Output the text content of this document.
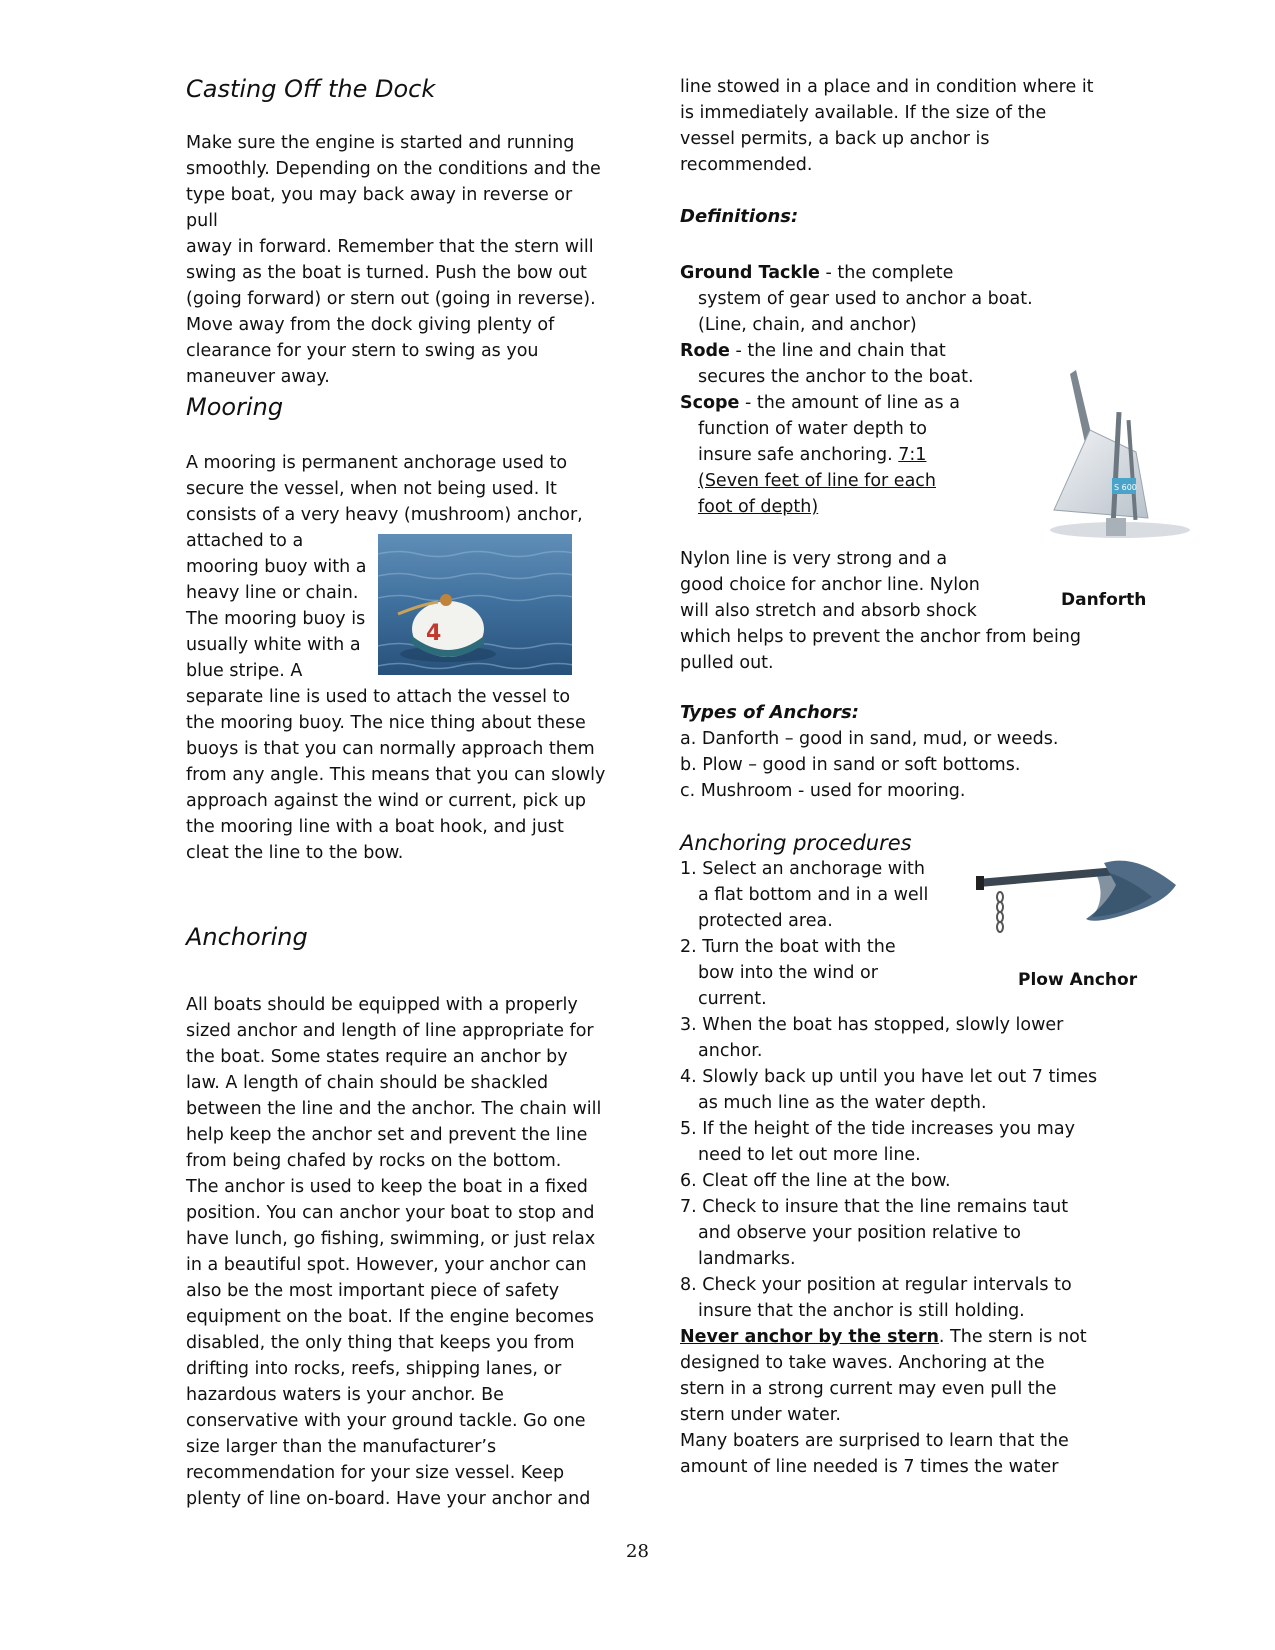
Casting Off the Dock

Make sure the engine is started and running

smoothly. Depending on the conditions and the

type boat, you may back away in reverse or pull

away in forward. Remember that the stern will

swing as the boat is turned. Push the bow out

(going forward) or stern out (going in reverse).

Move away from the dock giving plenty of

clearance for your stern to swing as you

maneuver away.

Mooring

A mooring is permanent anchorage used to

secure the vessel, when not being used. It

consists of a very heavy (mushroom) anchor,

attached to a

mooring buoy with a

heavy line or chain.

The mooring buoy is

usually white with a

blue stripe. A

separate line is used to attach the vessel to

the mooring buoy. The nice thing about these

buoys is that you can normally approach them

from any angle. This means that you can slowly

approach against the wind or current, pick up

the mooring line with a boat hook, and just

cleat the line to the bow.

Anchoring

All boats should be equipped with a properly

sized anchor and length of line appropriate for

the boat. Some states require an anchor by

law. A length of chain should be shackled

between the line and the anchor. The chain will

help keep the anchor set and prevent the line

from being chafed by rocks on the bottom.

The anchor is used to keep the boat in a fixed

position. You can anchor your boat to stop and

have lunch, go fishing, swimming, or just relax

in a beautiful spot. However, your anchor can

also be the most important piece of safety

equipment on the boat. If the engine becomes

disabled, the only thing that keeps you from

drifting into rocks, reefs, shipping lanes, or

hazardous waters is your anchor. Be

conservative with your ground tackle. Go one

size larger than the manufacturer’s

recommendation for your size vessel. Keep

plenty of line on-board. Have your anchor and

4

line stowed in a place and in condition where it

is immediately available. If the size of the

vessel permits, a back up anchor is

recommended.

Definitions:

Ground Tackle - the complete

system of gear used to anchor a boat.

(Line, chain, and anchor)

Rode - the line and chain that

secures the anchor to the boat.

Scope - the amount of line as a

function of water depth to

insure safe anchoring. 7:1

(Seven feet of line for each

foot of depth)

Nylon line is very strong and a

good choice for anchor line. Nylon

will also stretch and absorb shock

which helps to prevent the anchor from being

pulled out.

Types of Anchors:

a. Danforth – good in sand, mud, or weeds.

b. Plow – good in sand or soft bottoms.

c. Mushroom - used for mooring.

Anchoring procedures

1. Select an anchorage with

a flat bottom and in a well

protected area.

2. Turn the boat with the

bow into the wind or

current.

3. When the boat has stopped, slowly lower

anchor.

4. Slowly back up until you have let out 7 times

as much line as the water depth.

5. If the height of the tide increases you may

need to let out more line.

6. Cleat off the line at the bow.

7. Check to insure that the line remains taut

and observe your position relative to

landmarks.

8. Check your position at regular intervals to

insure that the anchor is still holding.

Never anchor by the stern. The stern is not

designed to take waves. Anchoring at the

stern in a strong current may even pull the

stern under water.

Many boaters are surprised to learn that the

amount of line needed is 7 times the water

S 600
Danforth
Plow Anchor
28
